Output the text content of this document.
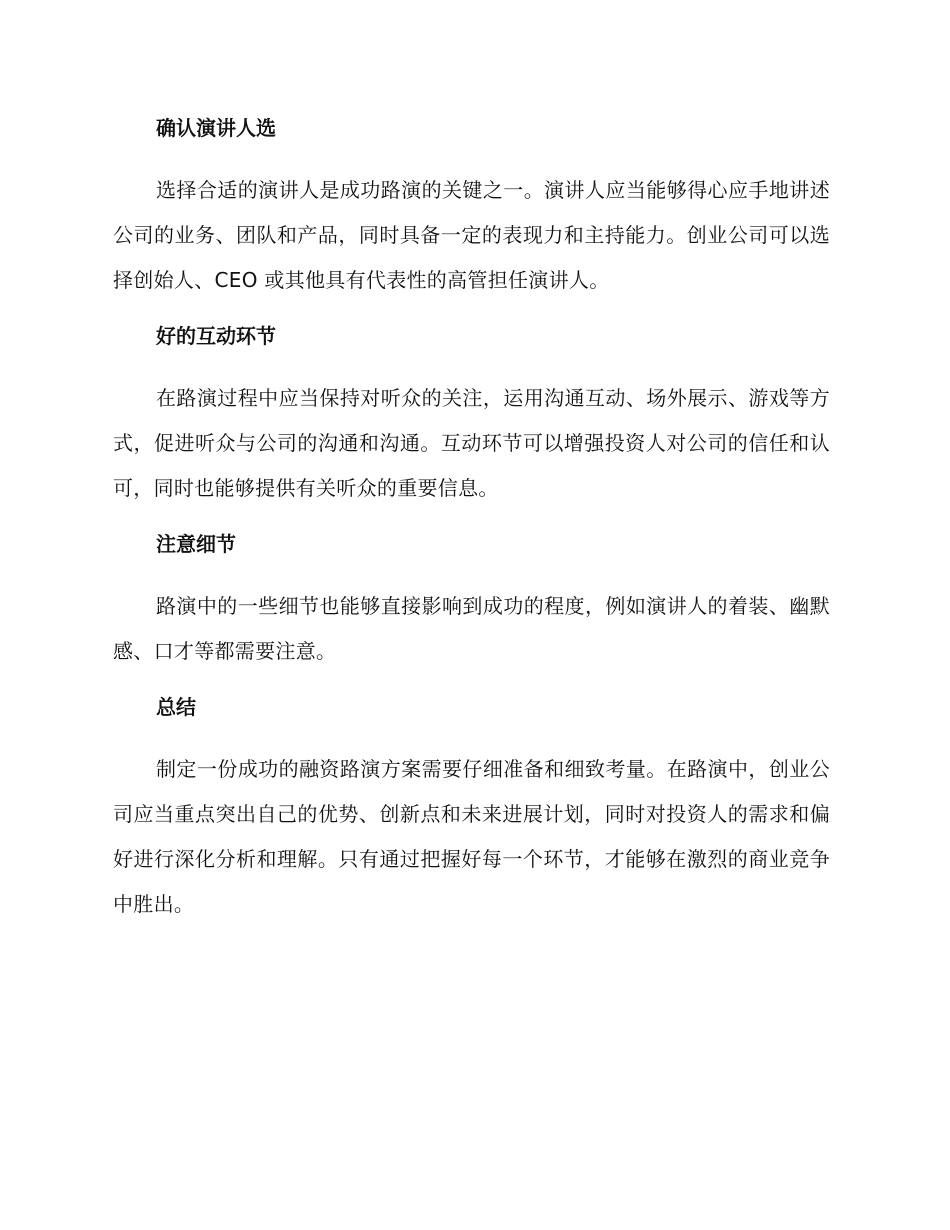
确认演讲人选

选择合适的演讲人是成功路演的关键之一。演讲人应当能够得心应手地讲述公司的业务、团队和产品，同时具备一定的表现力和主持能力。创业公司可以选择创始人、CEO 或其他具有代表性的高管担任演讲人。

好的互动环节

在路演过程中应当保持对听众的关注，运用沟通互动、场外展示、游戏等方式，促进听众与公司的沟通和沟通。互动环节可以增强投资人对公司的信任和认可，同时也能够提供有关听众的重要信息。

注意细节

路演中的一些细节也能够直接影响到成功的程度，例如演讲人的着装、幽默感、口才等都需要注意。

总结

制定一份成功的融资路演方案需要仔细准备和细致考量。在路演中，创业公司应当重点突出自己的优势、创新点和未来进展计划，同时对投资人的需求和偏好进行深化分析和理解。只有通过把握好每一个环节，才能够在激烈的商业竞争中胜出。
